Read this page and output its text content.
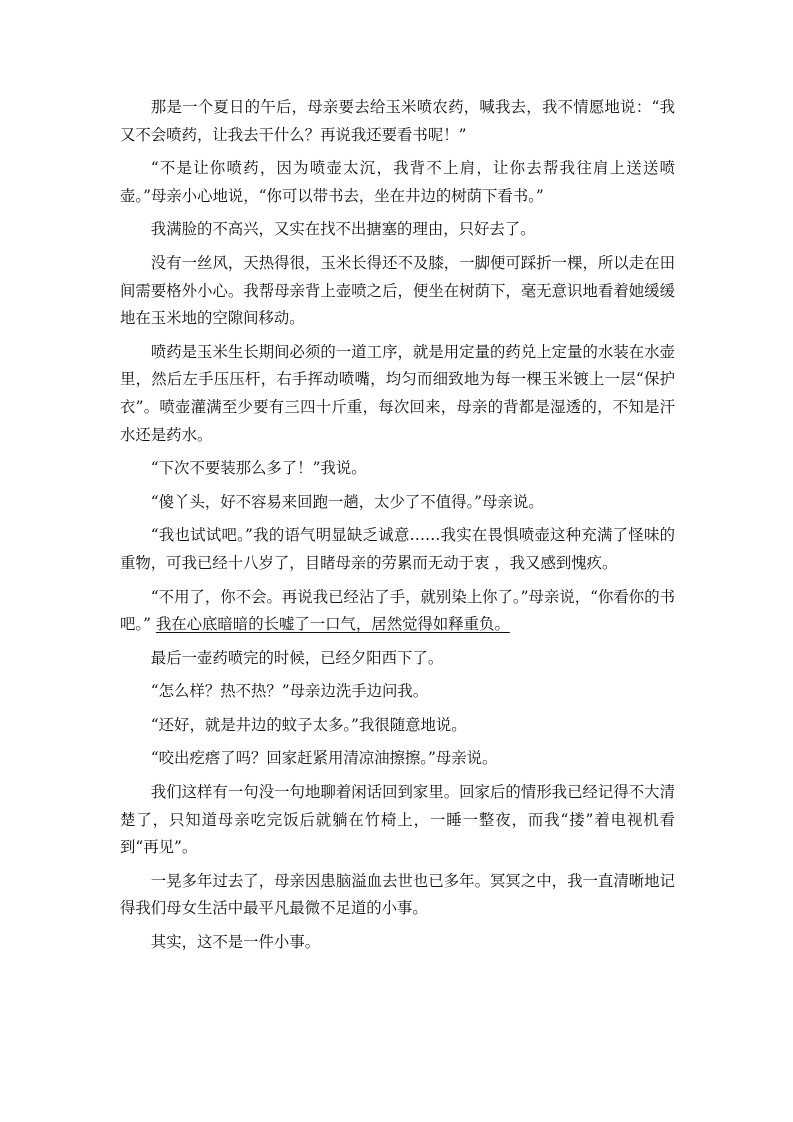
那是一个夏日的午后，母亲要去给玉米喷农药，喊我去，我不情愿地说：“我又不会喷药，让我去干什么？再说我还要看书呢！”

“不是让你喷药，因为喷壶太沉，我背不上肩，让你去帮我往肩上送送喷壶。”母亲小心地说，“你可以带书去，坐在井边的树荫下看书。”

我满脸的不高兴，又实在找不出搪塞的理由，只好去了。

没有一丝风，天热得很，玉米长得还不及膝，一脚便可踩折一棵，所以走在田间需要格外小心。我帮母亲背上壶喷之后，便坐在树荫下，毫无意识地看着她缓缓地在玉米地的空隙间移动。

喷药是玉米生长期间必须的一道工序，就是用定量的药兑上定量的水装在水壶里，然后左手压压杆，右手挥动喷嘴，均匀而细致地为每一棵玉米镀上一层“保护衣”。喷壶灌满至少要有三四十斤重，每次回来，母亲的背都是湿透的，不知是汗水还是药水。

“下次不要装那么多了！”我说。

“傻丫头，好不容易来回跑一趟，太少了不值得。”母亲说。

“我也试试吧。”我的语气明显缺乏诚意……我实在畏惧喷壶这种充满了怪味的重物，可我已经十八岁了，目睹母亲的劳累而无动于衷 ，我又感到愧疚。

“不用了，你不会。再说我已经沾了手，就别染上你了。”母亲说，“你看你的书吧。” 我在心底暗暗的长嘘了一口气，居然觉得如释重负。

最后一壶药喷完的时候，已经夕阳西下了。

“怎么样？热不热？”母亲边洗手边问我。

“还好，就是井边的蚊子太多。”我很随意地说。

“咬出疙瘩了吗？回家赶紧用清凉油擦擦。”母亲说。

我们这样有一句没一句地聊着闲话回到家里。回家后的情形我已经记得不大清楚了，只知道母亲吃完饭后就躺在竹椅上，一睡一整夜，而我“搂”着电视机看到“再见”。

一晃多年过去了，母亲因患脑溢血去世也已多年。冥冥之中，我一直清晰地记得我们母女生活中最平凡最微不足道的小事。

其实，这不是一件小事。
